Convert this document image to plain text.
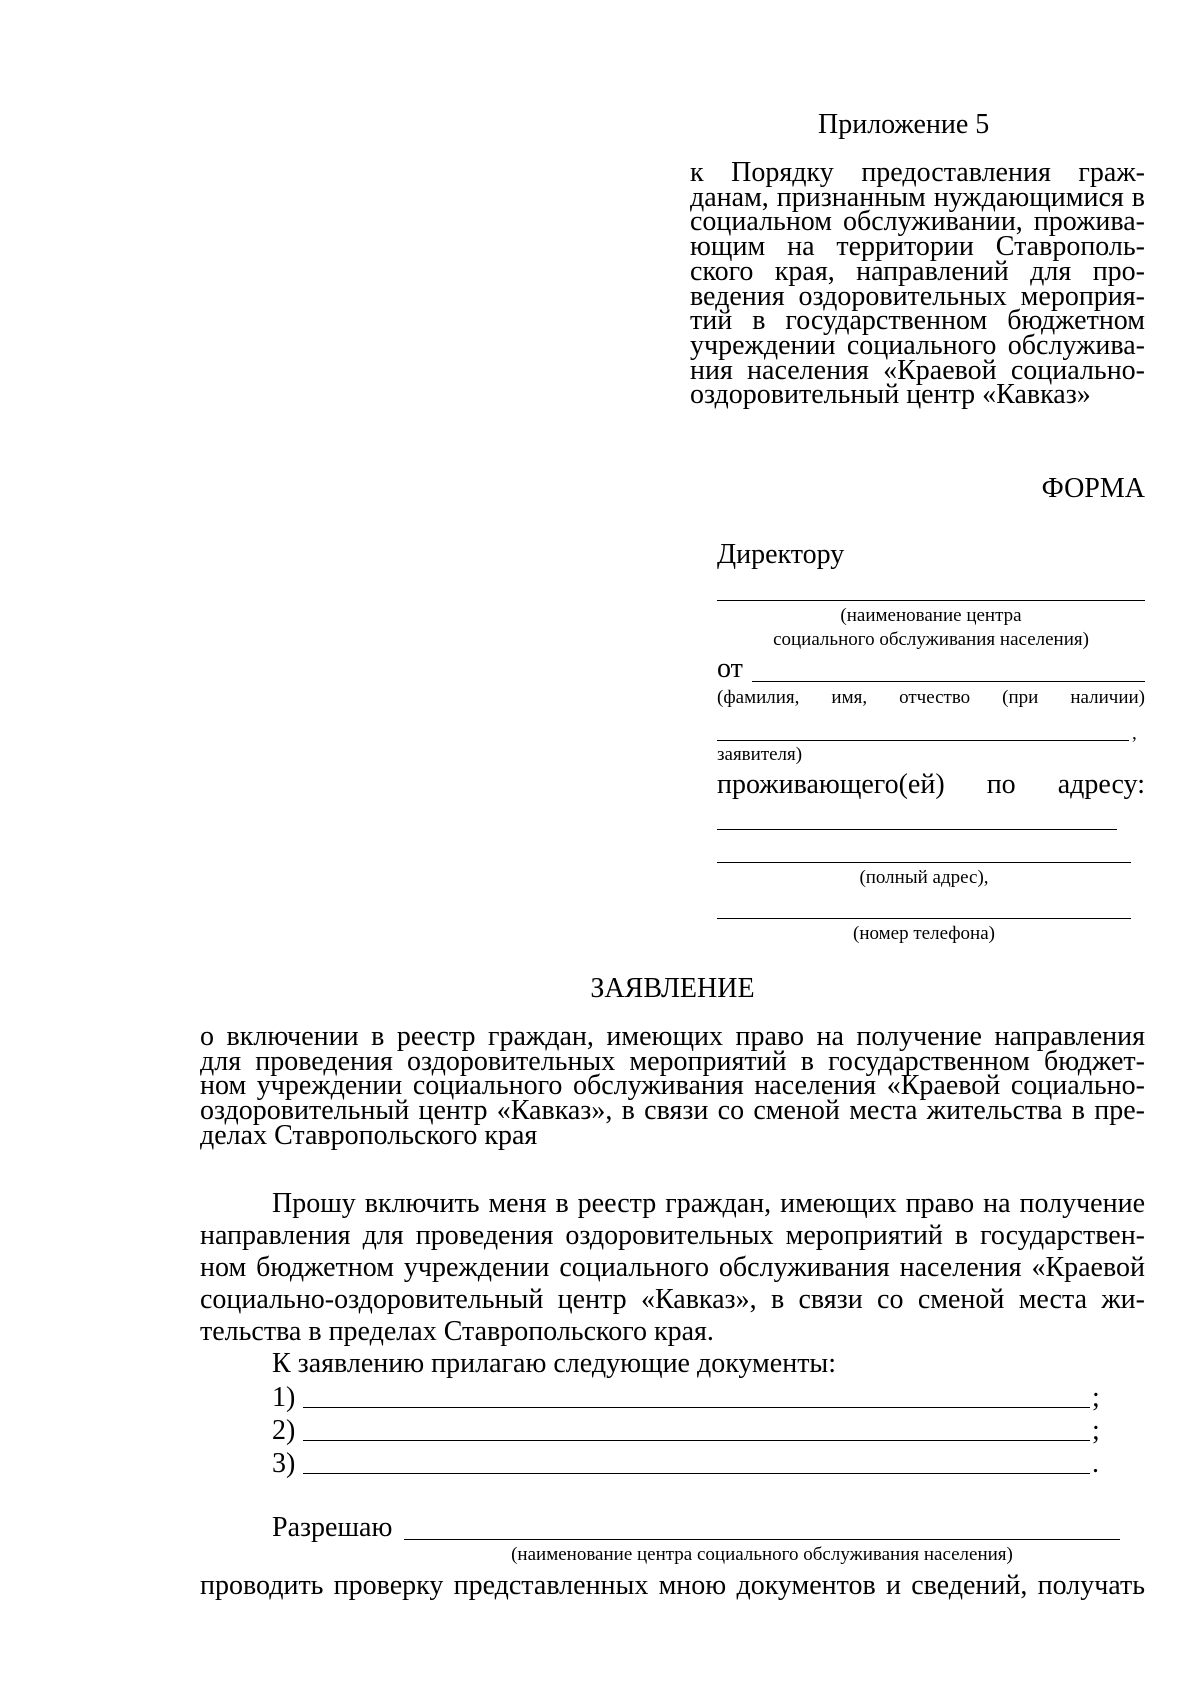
Приложение 5
к Порядку предоставления граж-
данам, признанным нуждающимися в
социальном обслуживании, прожива-
ющим на территории Ставрополь-
ского края, направлений для про-
ведения оздоровительных мероприя-
тий в государственном бюджетном
учреждении социального обслужива-
ния населения «Краевой социально-
оздоровительный центр «Кавказ»
ФОРМА
Директору
(наименование центра
социального обслуживания населения)
от
(фамилия, имя, отчество (при наличии)
,
заявителя)
проживающего(ей) по адресу:
(полный адрес),
(номер телефона)
ЗАЯВЛЕНИЕ
о включении в реестр граждан, имеющих право на получение направления
для проведения оздоровительных мероприятий в государственном бюджет-
ном учреждении социального обслуживания населения «Краевой социально-
оздоровительный центр «Кавказ», в связи со сменой места жительства в пре-
делах Ставропольского края
Прошу включить меня в реестр граждан, имеющих право на получение
направления для проведения оздоровительных мероприятий в государствен-
ном бюджетном учреждении социального обслуживания населения «Краевой
социально-оздоровительный центр «Кавказ», в связи со сменой места жи-
тельства в пределах Ставропольского края.
К заявлению прилагаю следующие документы:
1)	;
2)	;
3)	.
Разрешаю
(наименование центра социального обслуживания населения)
проводить проверку представленных мною документов и сведений, получать
